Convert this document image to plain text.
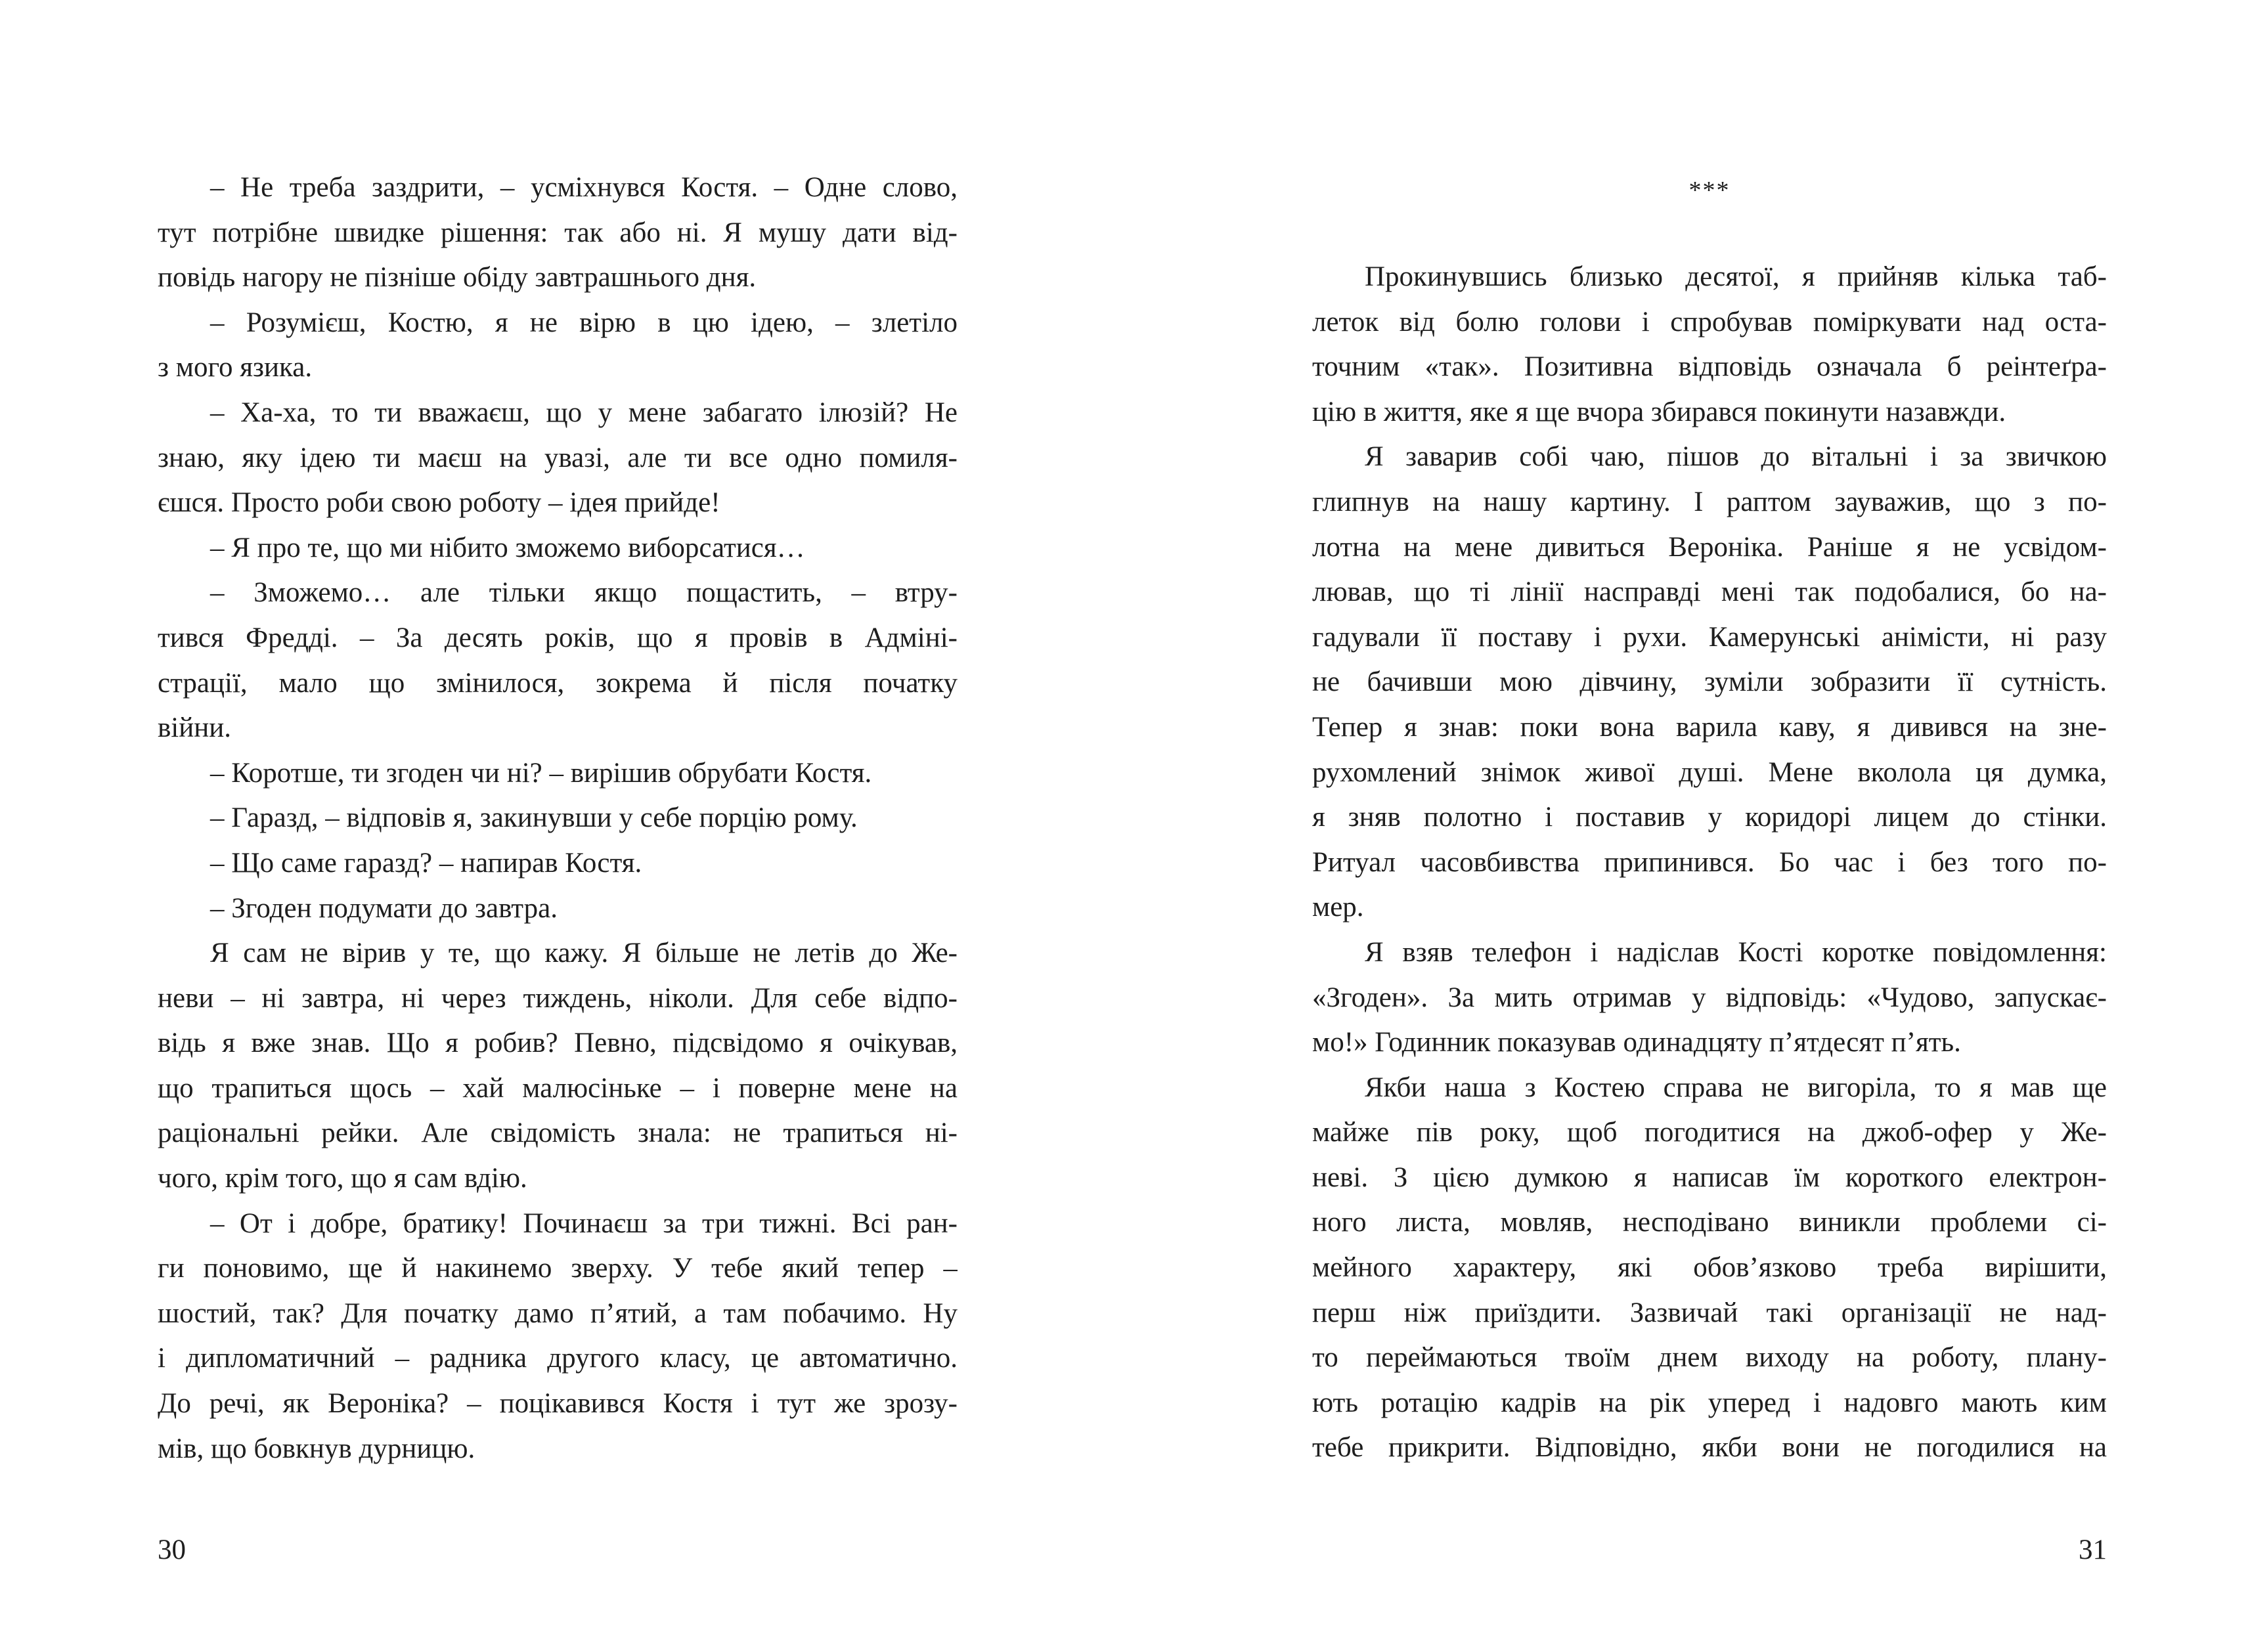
– Не треба заздрити, – усміхнувся Костя. – Одне слово,
тут потрібне швидке рішення: так або ні. Я мушу дати від-
повідь нагору не пізніше обіду завтрашнього дня.
– Розумієш, Костю, я не вірю в цю ідею, – злетіло
з мого язика.
– Ха-ха, то ти вважаєш, що у мене забагато ілюзій? Не
знаю, яку ідею ти маєш на увазі, але ти все одно помиля-
єшся. Просто роби свою роботу – ідея прийде!
– Я про те, що ми нібито зможемо виборсатися…
– Зможемо… але тільки якщо пощастить, – втру-
тився Фредді. – За десять років, що я провів в Адміні-
страції, мало що змінилося, зокрема й після початку
війни.
– Коротше, ти згоден чи ні? – вирішив обрубати Костя.
– Гаразд, – відповів я, закинувши у себе порцію рому.
– Що саме гаразд? – напирав Костя.
– Згоден подумати до завтра.
Я сам не вірив у те, що кажу. Я більше не летів до Же-
неви – ні завтра, ні через тиждень, ніколи. Для себе відпо-
відь я вже знав. Що я робив? Певно, підсвідомо я очікував,
що трапиться щось – хай малюсіньке – і поверне мене на
раціональні рейки. Але свідомість знала: не трапиться ні-
чого, крім того, що я сам вдію.
– От і добре, братику! Починаєш за три тижні. Всі ран-
ги поновимо, ще й накинемо зверху. У тебе який тепер –
шостий, так? Для початку дамо п’ятий, а там побачимо. Ну
і дипломатичний – радника другого класу, це автоматично.
До речі, як Вероніка? – поцікавився Костя і тут же зрозу-
мів, що бовкнув дурницю.
30
***
Прокинувшись близько десятої, я прийняв кілька таб-
леток від болю голови і спробував поміркувати над оста-
точним «так». Позитивна відповідь означала б реінтеґра-
цію в життя, яке я ще вчора збирався покинути назавжди.
Я заварив собі чаю, пішов до вітальні і за звичкою
глипнув на нашу картину. І раптом зауважив, що з по-
лотна на мене дивиться Вероніка. Раніше я не усвідом-
лював, що ті лінії насправді мені так подобалися, бо на-
гадували її поставу і рухи. Камерунські анімісти, ні разу
не бачивши мою дівчину, зуміли зобразити її сутність.
Тепер я знав: поки вона варила каву, я дивився на зне-
рухомлений знімок живої душі. Мене вколола ця думка,
я зняв полотно і поставив у коридорі лицем до стінки.
Ритуал часовбивства припинився. Бо час і без того по-
мер.
Я взяв телефон і надіслав Кості коротке повідомлення:
«Згоден». За мить отримав у відповідь: «Чудово, запускає-
мо!» Годинник показував одинадцяту п’ятдесят п’ять.
Якби наша з Костею справа не вигоріла, то я мав ще
майже пів року, щоб погодитися на джоб-офер у Же-
неві. З цією думкою я написав їм короткого електрон-
ного листа, мовляв, несподівано виникли проблеми сі-
мейного характеру, які обов’язково треба вирішити,
перш ніж приїздити. Зазвичай такі організації не над-
то переймаються твоїм днем виходу на роботу, плану-
ють ротацію кадрів на рік уперед і надовго мають ким
тебе прикрити. Відповідно, якби вони не погодилися на
31
